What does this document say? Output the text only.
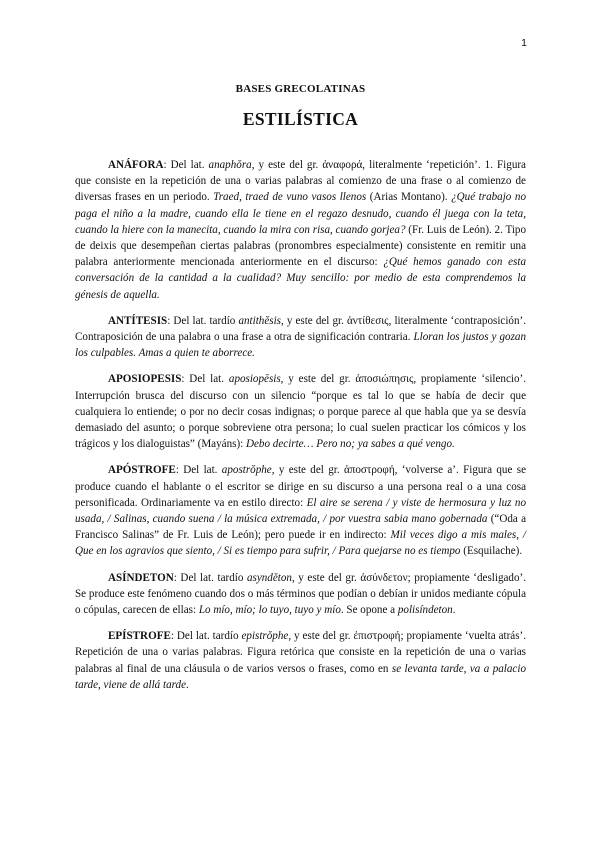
1
BASES GRECOLATINAS
ESTILÍSTICA

ANÁFORA: Del lat. anaphŏra, y este del gr. ἀναφορά, literalmente ‘repetición’. 1. Figura que consiste en la repetición de una o varias palabras al comienzo de una frase o al comienzo de diversas frases en un periodo. Traed, traed de vuno vasos llenos (Arias Montano). ¿Qué trabajo no paga el niño a la madre, cuando ella le tiene en el regazo desnudo, cuando él juega con la teta, cuando la hiere con la manecita, cuando la mira con risa, cuando gorjea? (Fr. Luis de León). 2. Tipo de deixis que desempeñan ciertas palabras (pronombres especialmente) consistente en remitir una palabra anteriormente mencionada anteriormente en el discurso: ¿Qué hemos ganado con esta conversación de la cantidad a la cualidad? Muy sencillo: por medio de esta comprendemos la génesis de aquella.

ANTÍTESIS: Del lat. tardío antithĕsis, y este del gr. ἀντίθεσις, literalmente ‘contraposición’. Contraposición de una palabra o una frase a otra de significación contraria. Lloran los justos y gozan los culpables. Amas a quien te aborrece.

APOSIOPESIS: Del lat. aposiopēsis, y este del gr. ἀποσιώπησις, propiamente ‘silencio’. Interrupción brusca del discurso con un silencio “porque es tal lo que se había de decir que cualquiera lo entiende; o por no decir cosas indignas; o porque parece al que habla que ya se desvía demasiado del asunto; o porque sobreviene otra persona; lo cual suelen practicar los cómicos y los trágicos y los dialoguistas” (Mayáns): Debo decirte… Pero no; ya sabes a qué vengo.

APÓSTROFE: Del lat. apostrŏphe, y este del gr. ἀποστροφή, ‘volverse a’. Figura que se produce cuando el hablante o el escritor se dirige en su discurso a una persona real o a una cosa personificada. Ordinariamente va en estilo directo: El aire se serena / y viste de hermosura y luz no usada, / Salinas, cuando suena / la música extremada, / por vuestra sabia mano gobernada (“Oda a Francisco Salinas” de Fr. Luis de León); pero puede ir en indirecto: Mil veces digo a mis males, / Que en los agravios que siento, / Si es tiempo para sufrir, / Para quejarse no es tiempo (Esquilache).

ASÍNDETON: Del lat. tardío asyndĕton, y este del gr. ἀσύνδετον; propiamente ‘desligado’. Se produce este fenómeno cuando dos o más términos que podían o debían ir unidos mediante cópula o cópulas, carecen de ellas: Lo mío, mío; lo tuyo, tuyo y mío. Se opone a polisíndeton.

EPÍSTROFE: Del lat. tardío epistrŏphe, y este del gr. ἐπιστροφή; propiamente ‘vuelta atrás’. Repetición de una o varias palabras. Figura retórica que consiste en la repetición de una o varias palabras al final de una cláusula o de varios versos o frases, como en se levanta tarde, va a palacio tarde, viene de allá tarde.
